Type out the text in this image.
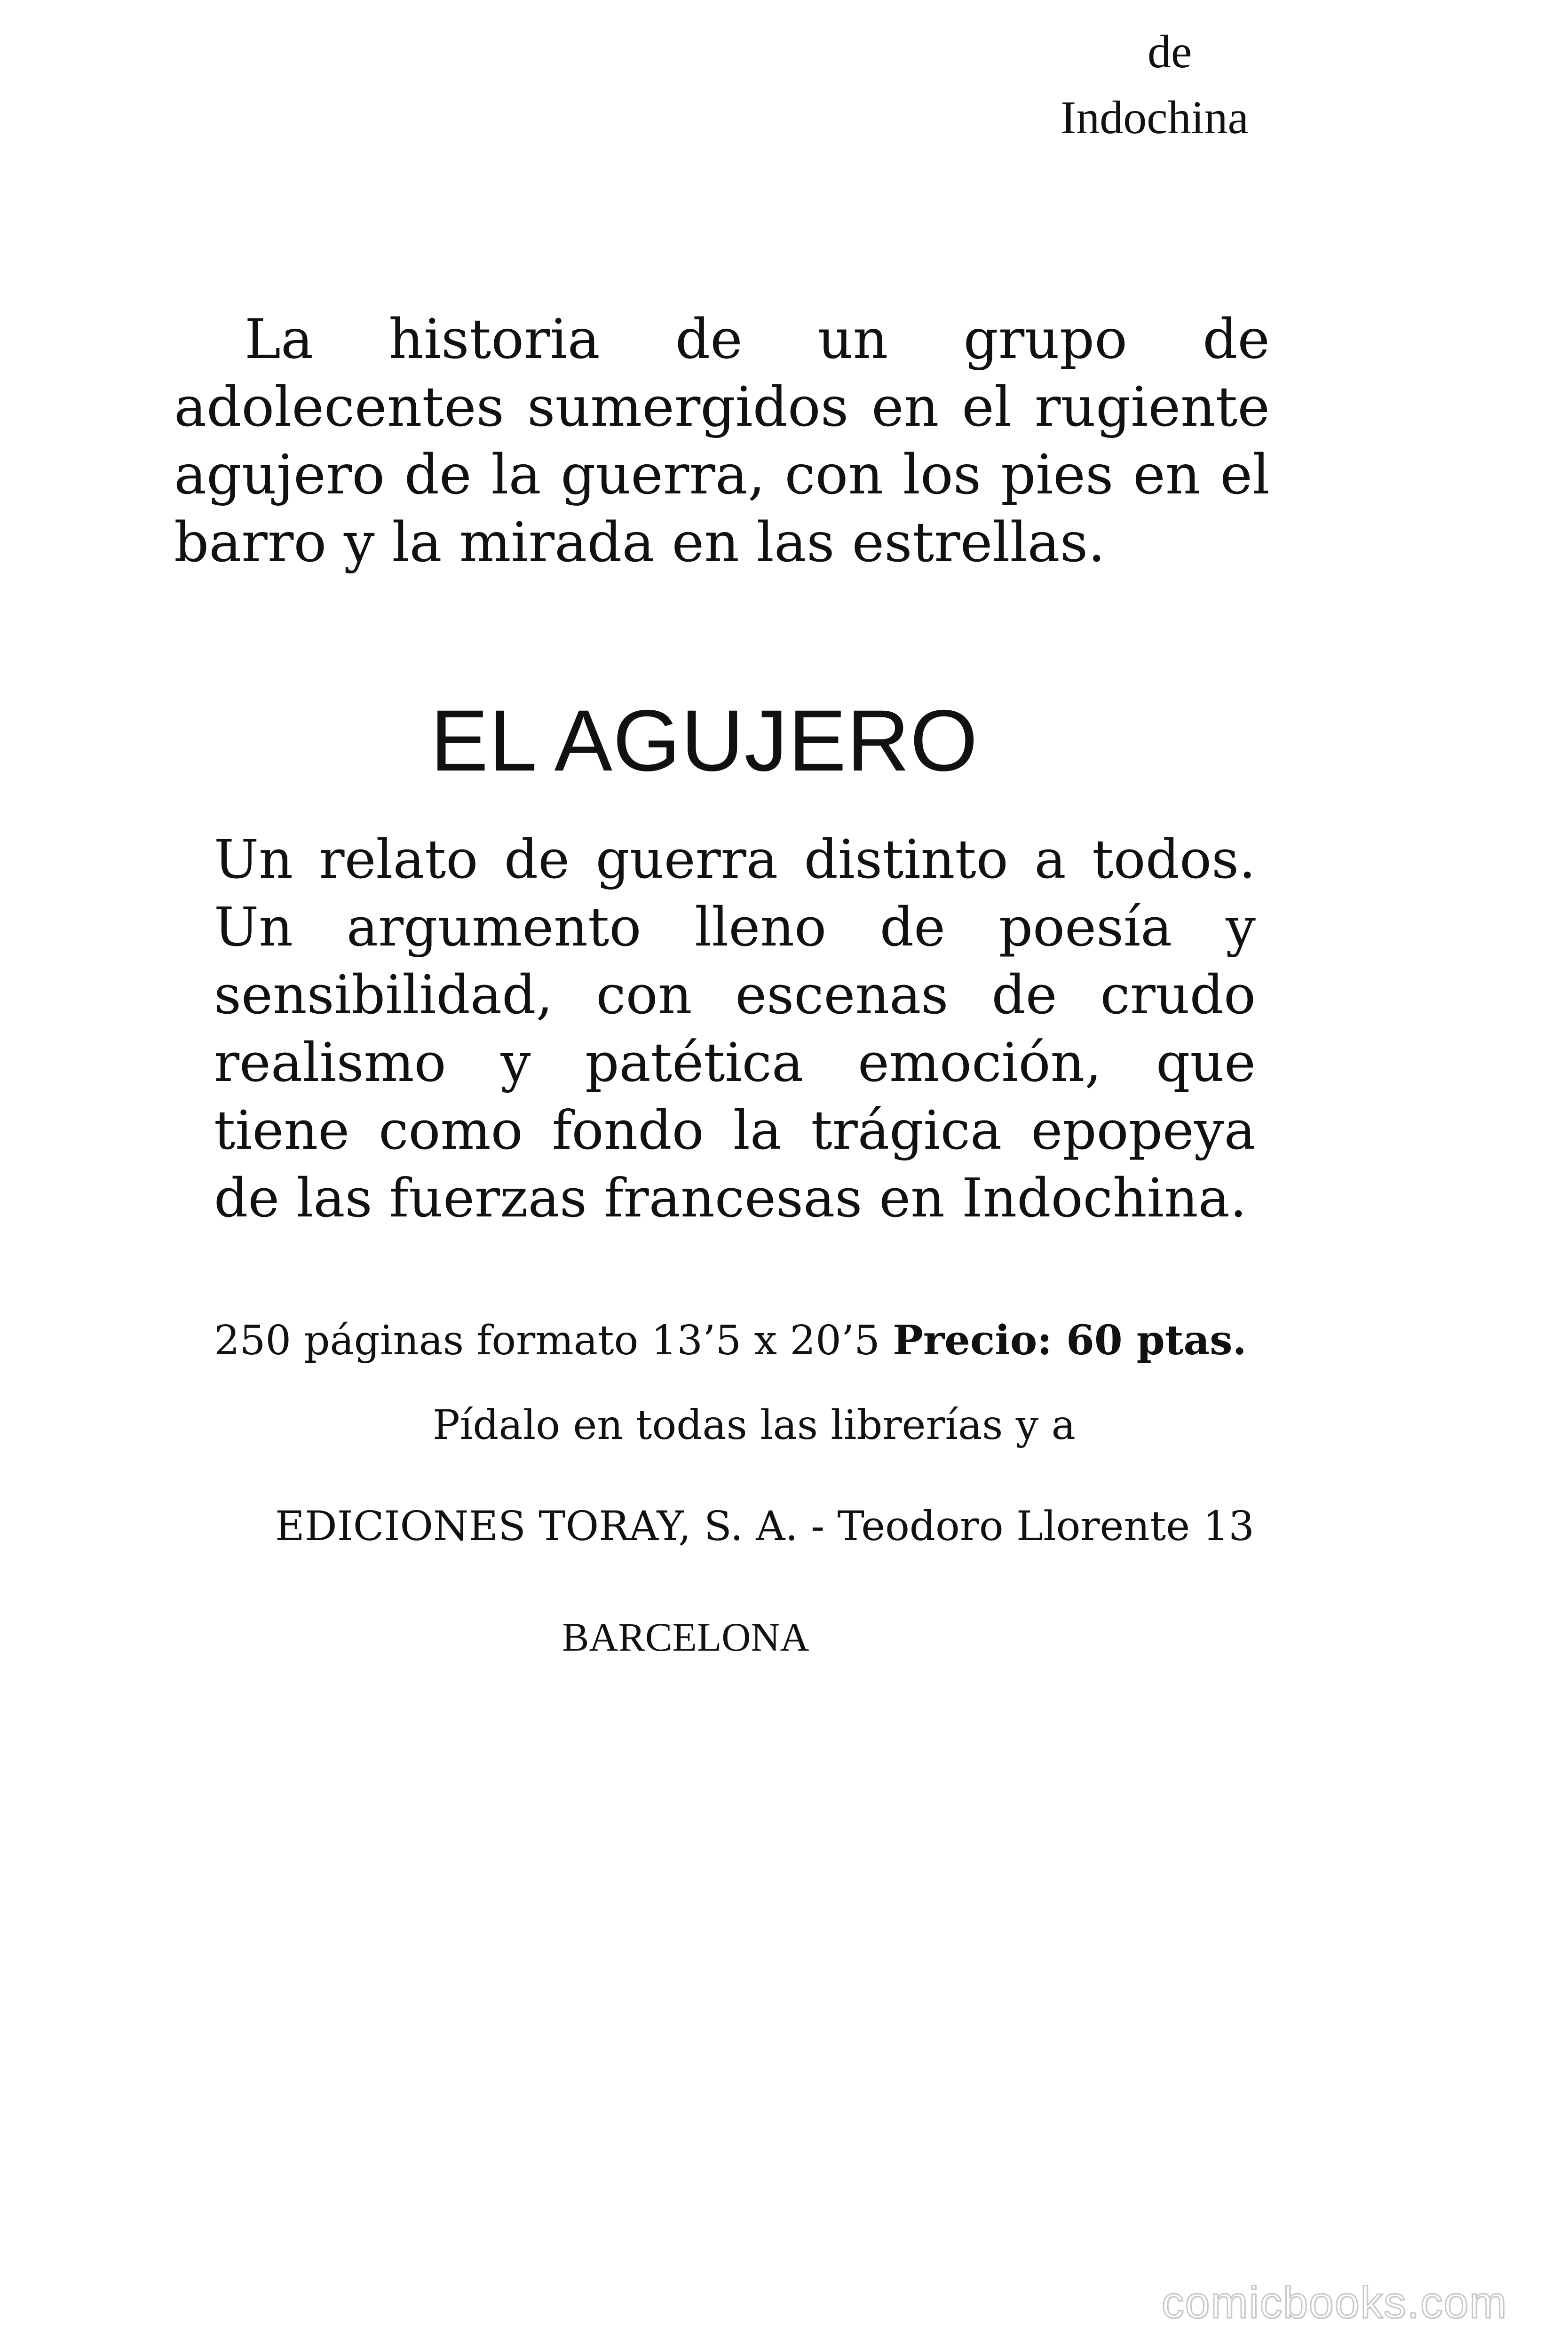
de
Indochina

La historia de un grupo de adolecentes sumergidos en el rugiente agujero de la guerra, con los pies en el barro y la mirada en las estrellas.

EL AGUJERO

Un relato de guerra distinto a todos. Un argumento lleno de poesía y sensibilidad, con escenas de crudo realismo y patética emoción, que tiene como fondo la trágica epopeya de las fuerzas francesas en Indochina.

250 páginas formato 13’5 x 20’5 Precio: 60 ptas.
Pídalo en todas las librerías y a
EDICIONES TORAY, S. A. - Teodoro Llorente 13
BARCELONA
comicbooks.com
